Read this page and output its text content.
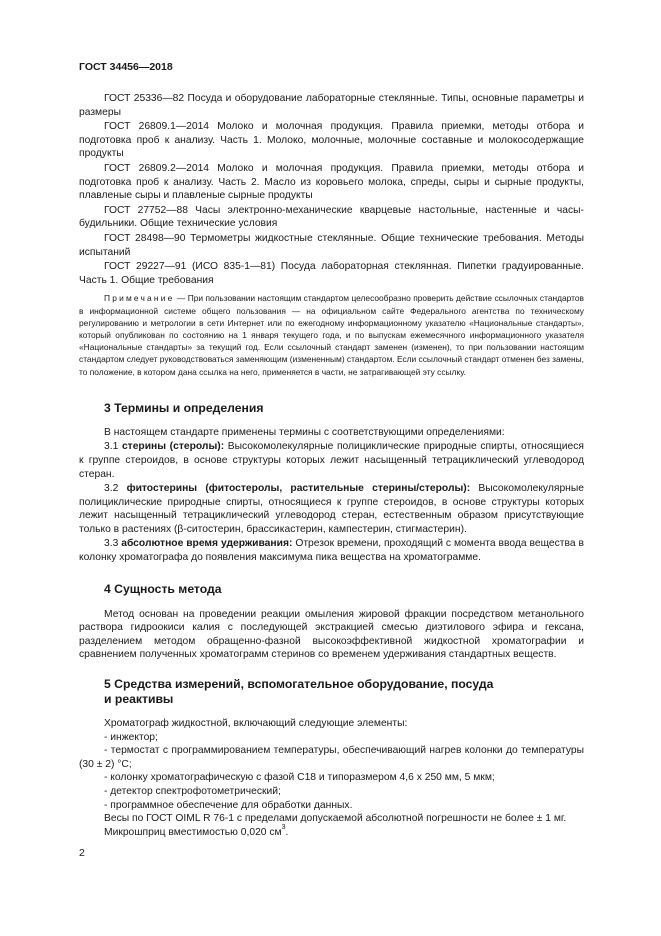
ГОСТ 34456—2018

ГОСТ 25336—82 Посуда и оборудование лабораторные стеклянные. Типы, основные параметры и размеры

ГОСТ 26809.1—2014 Молоко и молочная продукция. Правила приемки, методы отбора и подготовка проб к анализу. Часть 1. Молоко, молочные, молочные составные и молокосодержащие продукты

ГОСТ 26809.2—2014 Молоко и молочная продукция. Правила приемки, методы отбора и подготовка проб к анализу. Часть 2. Масло из коровьего молока, спреды, сыры и сырные продукты, плавленые сыры и плавленые сырные продукты

ГОСТ 27752—88 Часы электронно-механические кварцевые настольные, настенные и часы-будильники. Общие технические условия

ГОСТ 28498—90 Термометры жидкостные стеклянные. Общие технические требования. Методы испытаний

ГОСТ 29227—91 (ИСО 835-1—81) Посуда лабораторная стеклянная. Пипетки градуированные. Часть 1. Общие требования

Примечание — При пользовании настоящим стандартом целесообразно проверить действие ссылочных стандартов в информационной системе общего пользования — на официальном сайте Федерального агентства по техническому регулированию и метрологии в сети Интернет или по ежегодному информационному указателю «Национальные стандарты», который опубликован по состоянию на 1 января текущего года, и по выпускам ежемесячного информационного указателя «Национальные стандарты» за текущий год. Если ссылочный стандарт заменен (изменен), то при пользовании настоящим стандартом следует руководствоваться заменяющим (измененным) стандартом. Если ссылочный стандарт отменен без замены, то положение, в котором дана ссылка на него, применяется в части, не затрагивающей эту ссылку.

3 Термины и определения

В настоящем стандарте применены термины с соответствующими определениями:

3.1 стерины (стеролы): Высокомолекулярные полициклические природные спирты, относящиеся к группе стероидов, в основе структуры которых лежит насыщенный тетрациклический углеводород стеран.

3.2 фитостерины (фитостеролы, растительные стерины/стеролы): Высокомолекулярные полициклические природные спирты, относящиеся к группе стероидов, в основе структуры которых лежит насыщенный тетрациклический углеводород стеран, естественным образом присутствующие только в растениях (β-ситостерин, брассикастерин, кампестерин, стигмастерин).

3.3 абсолютное время удерживания: Отрезок времени, проходящий с момента ввода вещества в колонку хроматографа до появления максимума пика вещества на хроматограмме.

4 Сущность метода

Метод основан на проведении реакции омыления жировой фракции посредством метанольного раствора гидроокиси калия с последующей экстракцией смесью диэтилового эфира и гексана, разделением методом обращенно-фазной высокоэффективной жидкостной хроматографии и сравнением полученных хроматограмм стеринов со временем удерживания стандартных веществ.

5 Средства измерений, вспомогательное оборудование, посуда
и реактивы

Хроматограф жидкостной, включающий следующие элементы:

- инжектор;

- термостат с программированием температуры, обеспечивающий нагрев колонки до температуры (30 ± 2) °С;

- колонку хроматографическую с фазой С18 и типоразмером 4,6 х 250 мм, 5 мкм;

- детектор спектрофотометрический;

- программное обеспечение для обработки данных.

Весы по ГОСТ OIML R 76-1 с пределами допускаемой абсолютной погрешности не более ± 1 мг.

Микрошприц вместимостью 0,020 $см^3$.

2
